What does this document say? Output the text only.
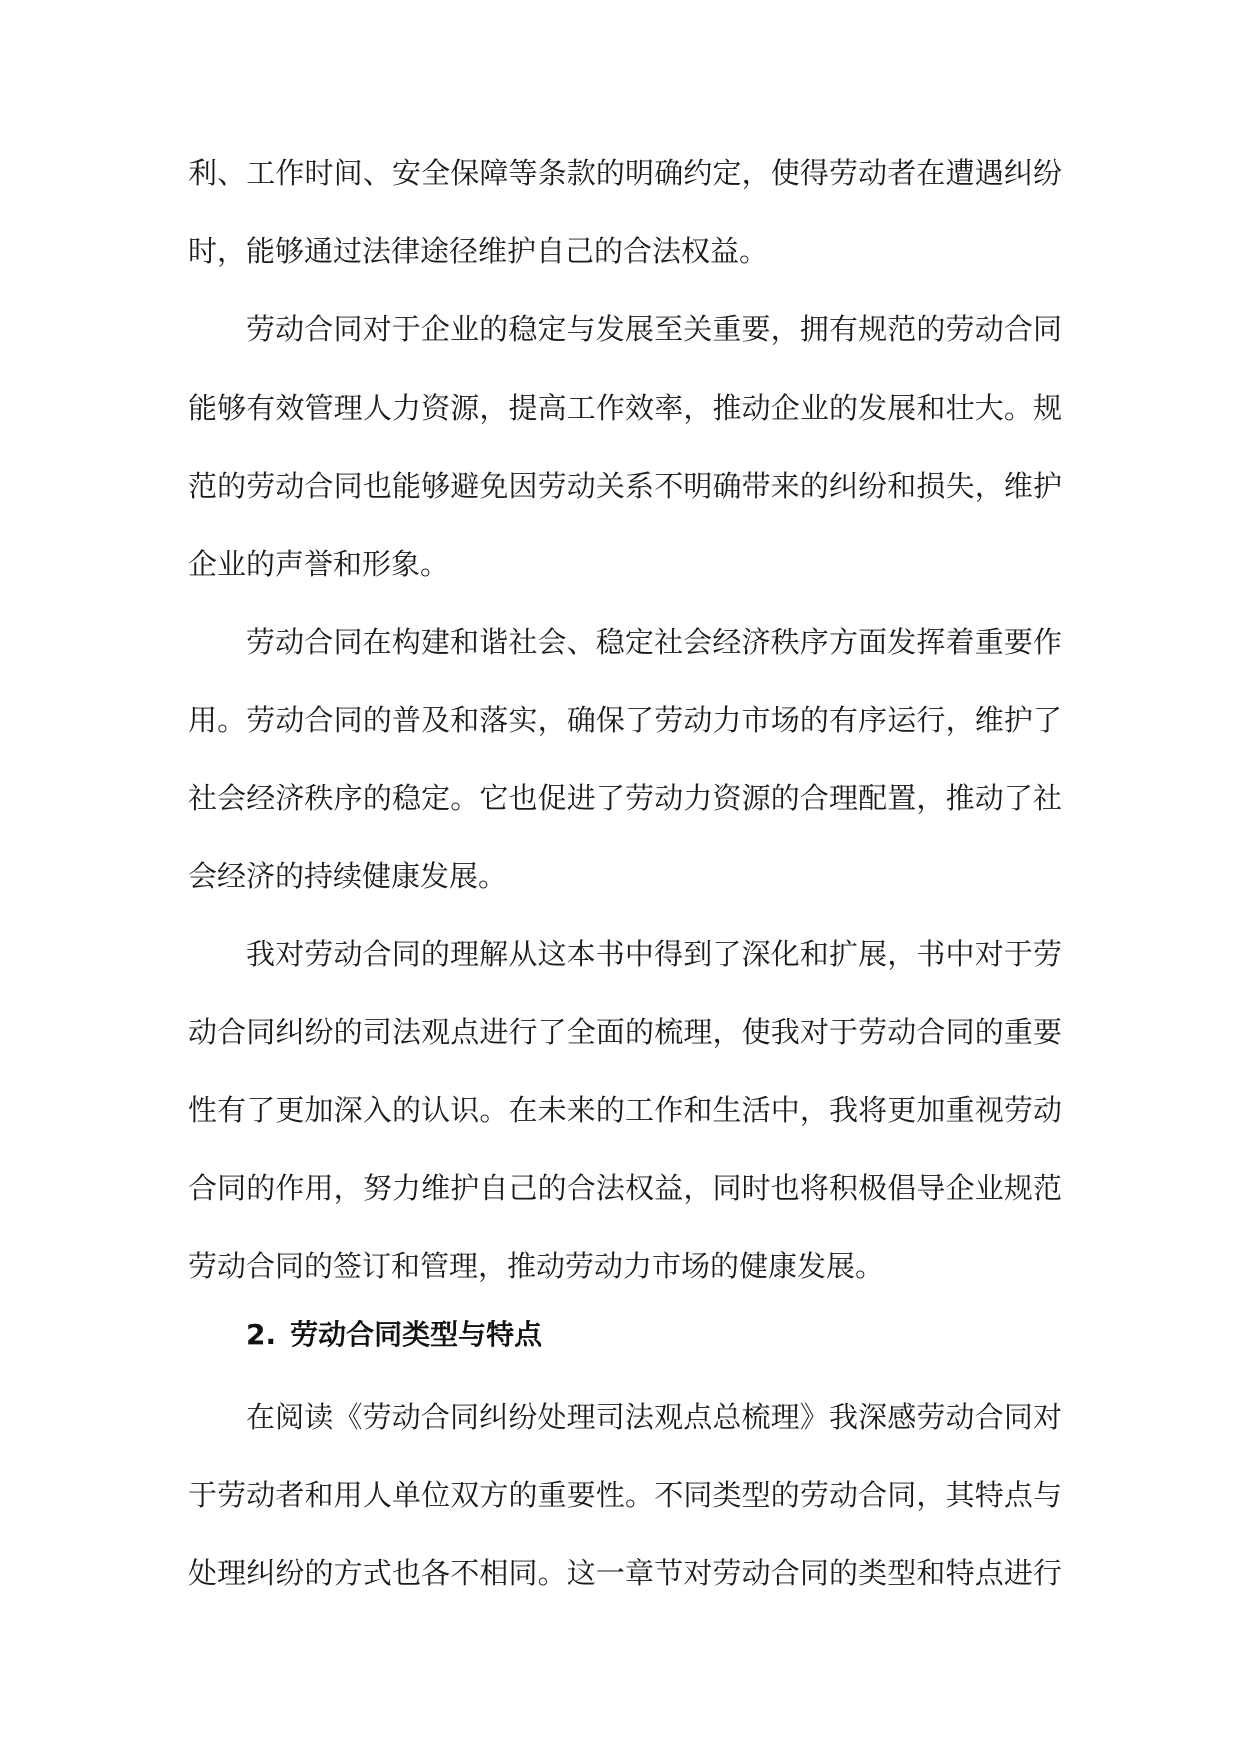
利、工作时间、安全保障等条款的明确约定，使得劳动者在遭遇纠纷
时，能够通过法律途径维护自己的合法权益。
劳动合同对于企业的稳定与发展至关重要，拥有规范的劳动合同
能够有效管理人力资源，提高工作效率，推动企业的发展和壮大。规
范的劳动合同也能够避免因劳动关系不明确带来的纠纷和损失，维护
企业的声誉和形象。
劳动合同在构建和谐社会、稳定社会经济秩序方面发挥着重要作
用。劳动合同的普及和落实，确保了劳动力市场的有序运行，维护了
社会经济秩序的稳定。它也促进了劳动力资源的合理配置，推动了社
会经济的持续健康发展。
我对劳动合同的理解从这本书中得到了深化和扩展，书中对于劳
动合同纠纷的司法观点进行了全面的梳理，使我对于劳动合同的重要
性有了更加深入的认识。在未来的工作和生活中，我将更加重视劳动
合同的作用，努力维护自己的合法权益，同时也将积极倡导企业规范
劳动合同的签订和管理，推动劳动力市场的健康发展。
2. 劳动合同类型与特点
在阅读《劳动合同纠纷处理司法观点总梳理》我深感劳动合同对
于劳动者和用人单位双方的重要性。不同类型的劳动合同，其特点与
处理纠纷的方式也各不相同。这一章节对劳动合同的类型和特点进行
